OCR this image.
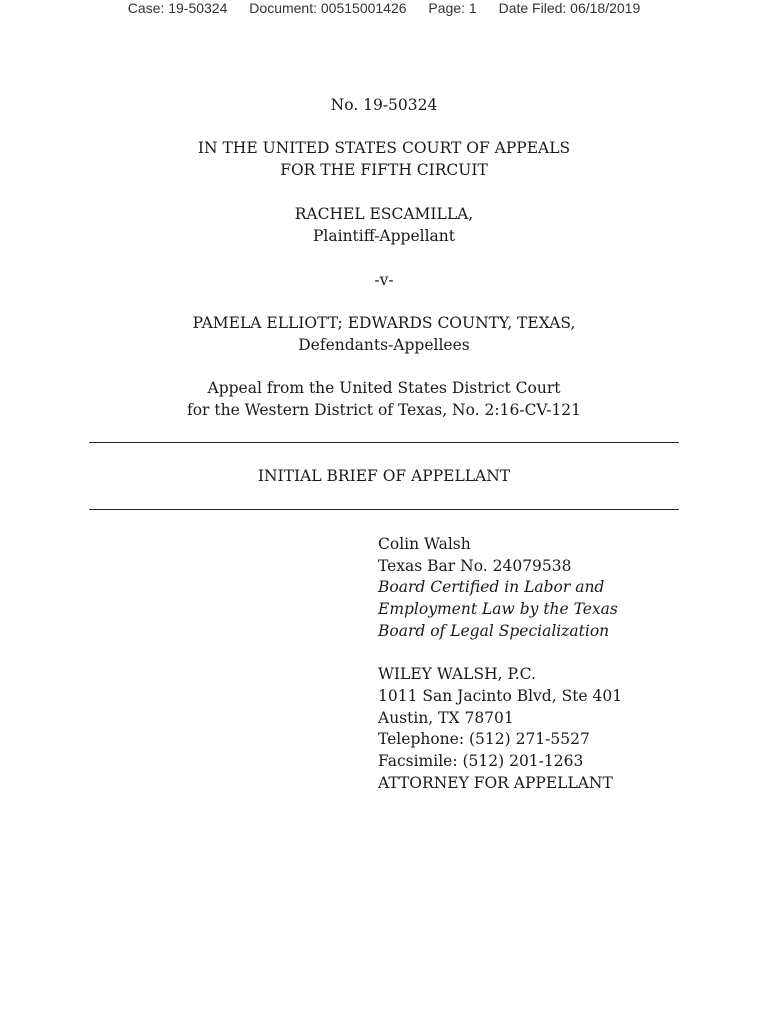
Case: 19-50324 Document: 00515001426 Page: 1 Date Filed: 06/18/2019
No. 19-50324
IN THE UNITED STATES COURT OF APPEALS
FOR THE FIFTH CIRCUIT
RACHEL ESCAMILLA,
Plaintiff-Appellant
-v-
PAMELA ELLIOTT; EDWARDS COUNTY, TEXAS,
Defendants-Appellees
Appeal from the United States District Court
for the Western District of Texas, No. 2:16-CV-121
INITIAL BRIEF OF APPELLANT
Colin Walsh
Texas Bar No. 24079538
Board Certified in Labor and
Employment Law by the Texas
Board of Legal Specialization
WILEY WALSH, P.C.
1011 San Jacinto Blvd, Ste 401
Austin, TX 78701
Telephone: (512) 271-5527
Facsimile: (512) 201-1263
ATTORNEY FOR APPELLANT
